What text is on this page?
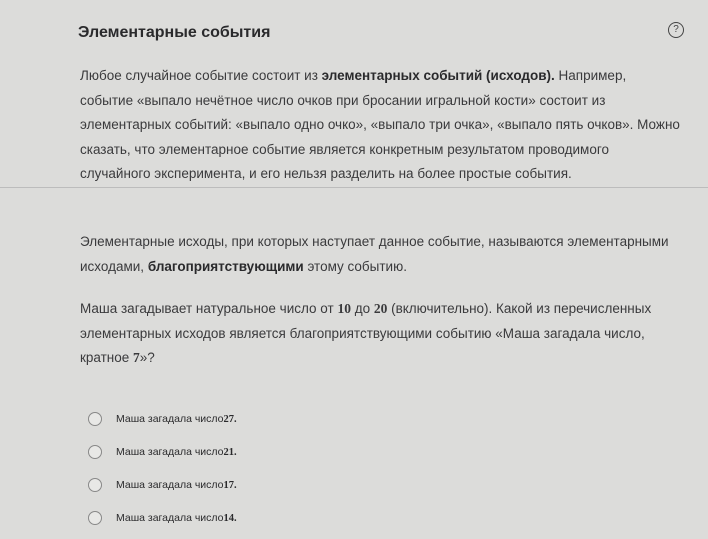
Элементарные события	?
Любое случайное событие состоит из элементарных событий (исходов). Например, событие «выпало нечётное число очков при бросании игральной кости» состоит из элементарных событий: «выпало одно очко», «выпало три очка», «выпало пять очков». Можно сказать, что элементарное событие является конкретным результатом проводимого случайного эксперимента, и его нельзя разделить на более простые события.
Элементарные исходы, при которых наступает данное событие, называются элементарными исходами, благоприятствующими этому событию.
Маша загадывает натуральное число от 10 до 20 (включительно). Какой из перечисленных элементарных исходов является благоприятствующими событию «Маша загадала число, кратное 7»?
Маша загадала число 27.
Маша загадала число 21.
Маша загадала число 17.
Маша загадала число 14.
